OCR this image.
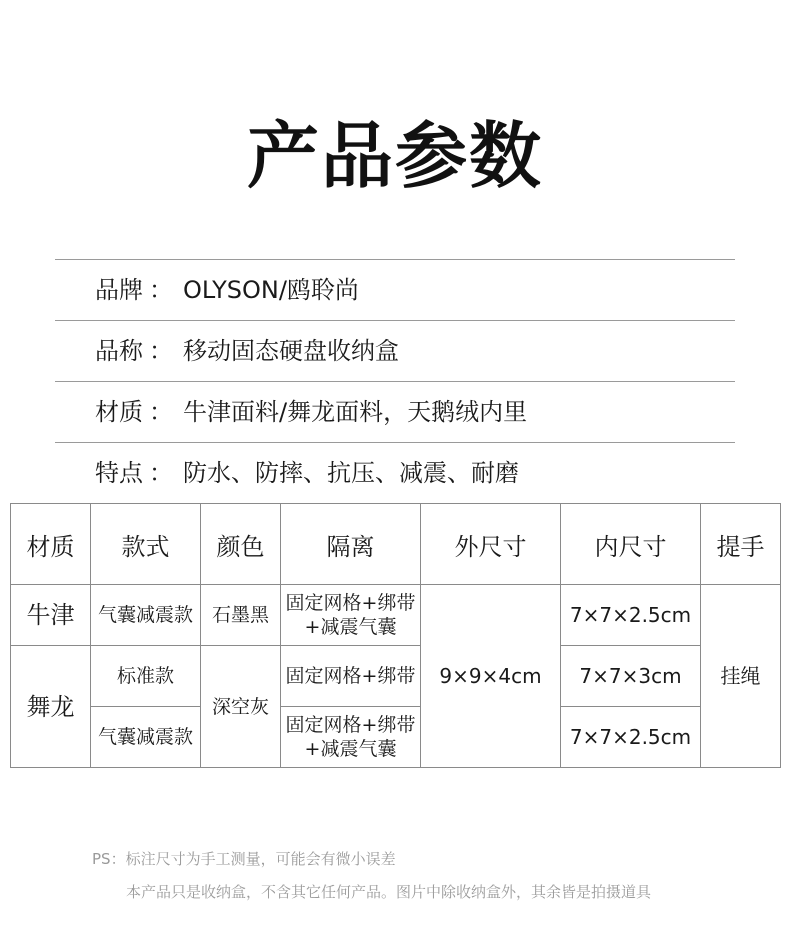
产品参数
品牌 ： OLYSON/鸥聆尚
品称 ： 移动固态硬盘收纳盒
材质 ： 牛津面料/舞龙面料，天鹅绒内里
特点 ： 防水、防摔、抗压、减震、耐磨
材质	款式	颜色	隔离	外尺寸	内尺寸	提手
牛津	气囊减震款	石墨黑	固定网格+绑带
+减震气囊	9×9×4cm	7×7×2.5cm	挂绳
舞龙	标准款	深空灰	固定网格+绑带		7×7×3cm	
	气囊减震款		固定网格+绑带
+减震气囊		7×7×2.5cm	
PS：标注尺寸为手工测量，可能会有微小误差
本产品只是收纳盒，不含其它任何产品。图片中除收纳盒外，其余皆是拍摄道具
